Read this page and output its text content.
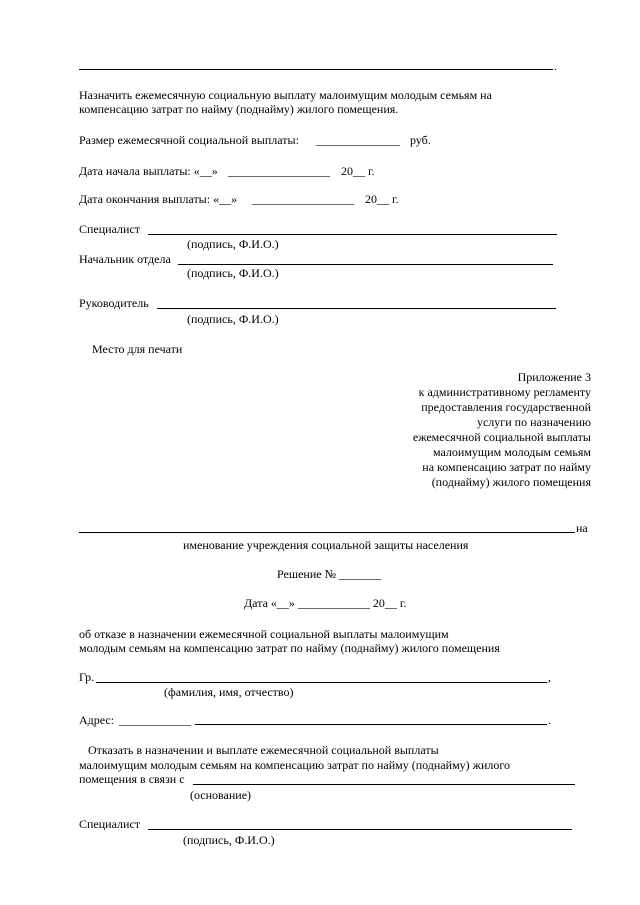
.
Назначить ежемесячную социальную выплату малоимущим молодым семьям на
компенсацию затрат по найму (поднайму) жилого помещения.
Размер ежемесячной социальной выплаты: ______________ руб.
Дата начала выплаты: «__» _________________ 20__ г.
Дата окончания выплаты: «__» _________________ 20__ г.
Специалист
(подпись, Ф.И.О.)
Начальник отдела
(подпись, Ф.И.О.)
Руководитель
(подпись, Ф.И.О.)
Место для печати
Приложение 3
к административному регламенту
предоставления государственной
услуги по назначению
ежемесячной социальной выплаты
малоимущим молодым семьям
на компенсацию затрат по найму
(поднайму) жилого помещения
на
именование учреждения социальной защиты населения
Решение № _______
Дата «__» ____________ 20__ г.
об отказе в назначении ежемесячной социальной выплаты малоимущим
молодым семьям на компенсацию затрат по найму (поднайму) жилого помещения
Гр.	,
(фамилия, имя, отчество)
Адрес: ____________	.
Отказать в назначении и выплате ежемесячной социальной выплаты
малоимущим молодым семьям на компенсацию затрат по найму (поднайму) жилого
помещения в связи с
(основание)
Специалист
(подпись, Ф.И.О.)
